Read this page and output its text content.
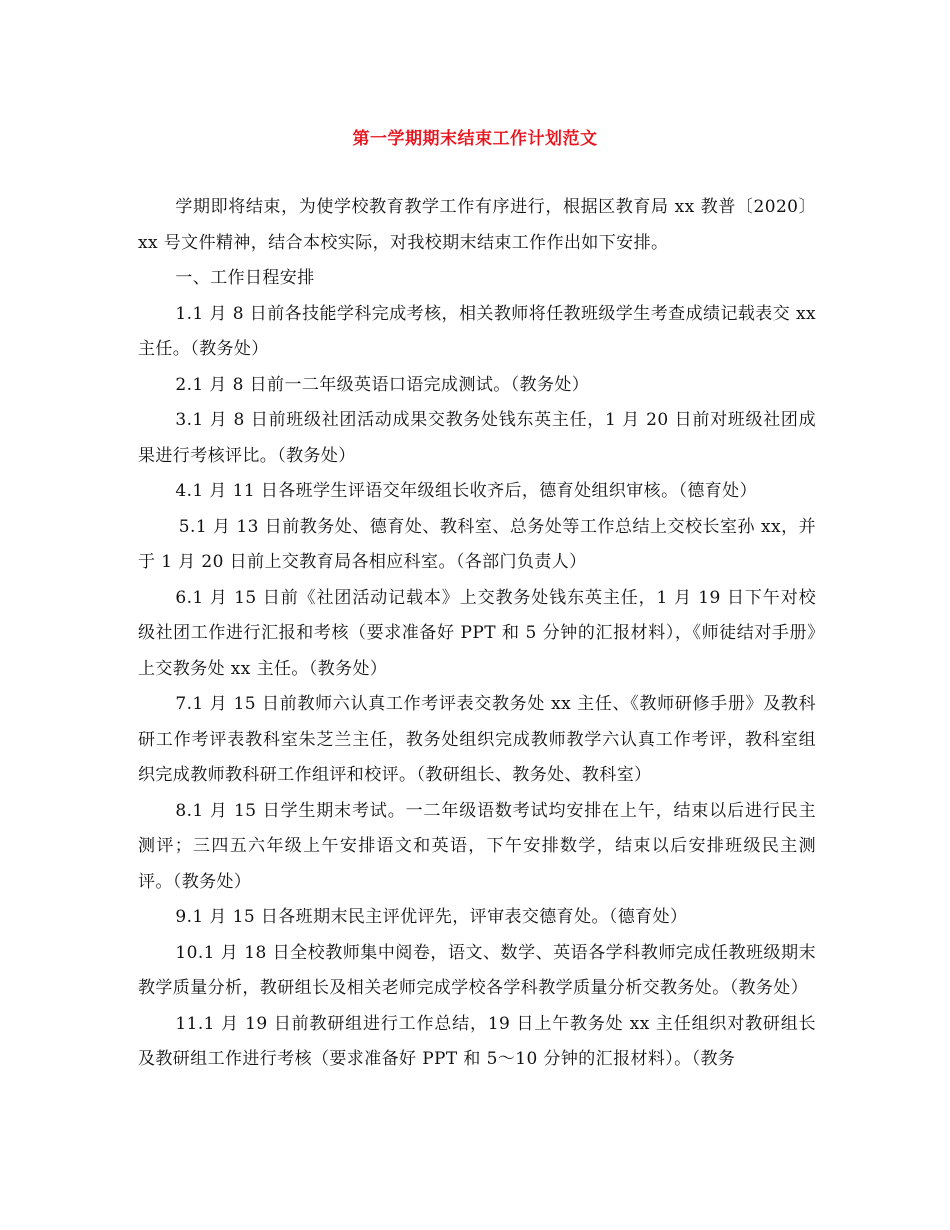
第一学期期末结束工作计划范文

学期即将结束，为使学校教育教学工作有序进行，根据区教育局 xx 教普〔2020〕xx 号文件精神，结合本校实际，对我校期末结束工作作出如下安排。

一、工作日程安排

1.1 月 8 日前各技能学科完成考核，相关教师将任教班级学生考查成绩记载表交 xx 主任。（教务处）

2.1 月 8 日前一二年级英语口语完成测试。（教务处）

3.1 月 8 日前班级社团活动成果交教务处钱东英主任，1 月 20 日前对班级社团成果进行考核评比。（教务处）

4.1 月 11 日各班学生评语交年级组长收齐后，德育处组织审核。（德育处）

5.1 月 13 日前教务处、德育处、教科室、总务处等工作总结上交校长室孙 xx，并于 1 月 20 日前上交教育局各相应科室。（各部门负责人）

6.1 月 15 日前《社团活动记载本》上交教务处钱东英主任，1 月 19 日下午对校级社团工作进行汇报和考核（要求准备好 PPT 和 5 分钟的汇报材料），《师徒结对手册》上交教务处 xx 主任。（教务处）

7.1 月 15 日前教师六认真工作考评表交教务处 xx 主任、《教师研修手册》及教科研工作考评表教科室朱芝兰主任，教务处组织完成教师教学六认真工作考评，教科室组织完成教师教科研工作组评和校评。（教研组长、教务处、教科室）

8.1 月 15 日学生期末考试。一二年级语数考试均安排在上午，结束以后进行民主测评；三四五六年级上午安排语文和英语，下午安排数学，结束以后安排班级民主测评。（教务处）

9.1 月 15 日各班期末民主评优评先，评审表交德育处。（德育处）

10.1 月 18 日全校教师集中阅卷，语文、数学、英语各学科教师完成任教班级期末教学质量分析，教研组长及相关老师完成学校各学科教学质量分析交教务处。（教务处）

11.1 月 19 日前教研组进行工作总结，19 日上午教务处 xx 主任组织对教研组长及教研组工作进行考核（要求准备好 PPT 和 5～10 分钟的汇报材料）。（教务
